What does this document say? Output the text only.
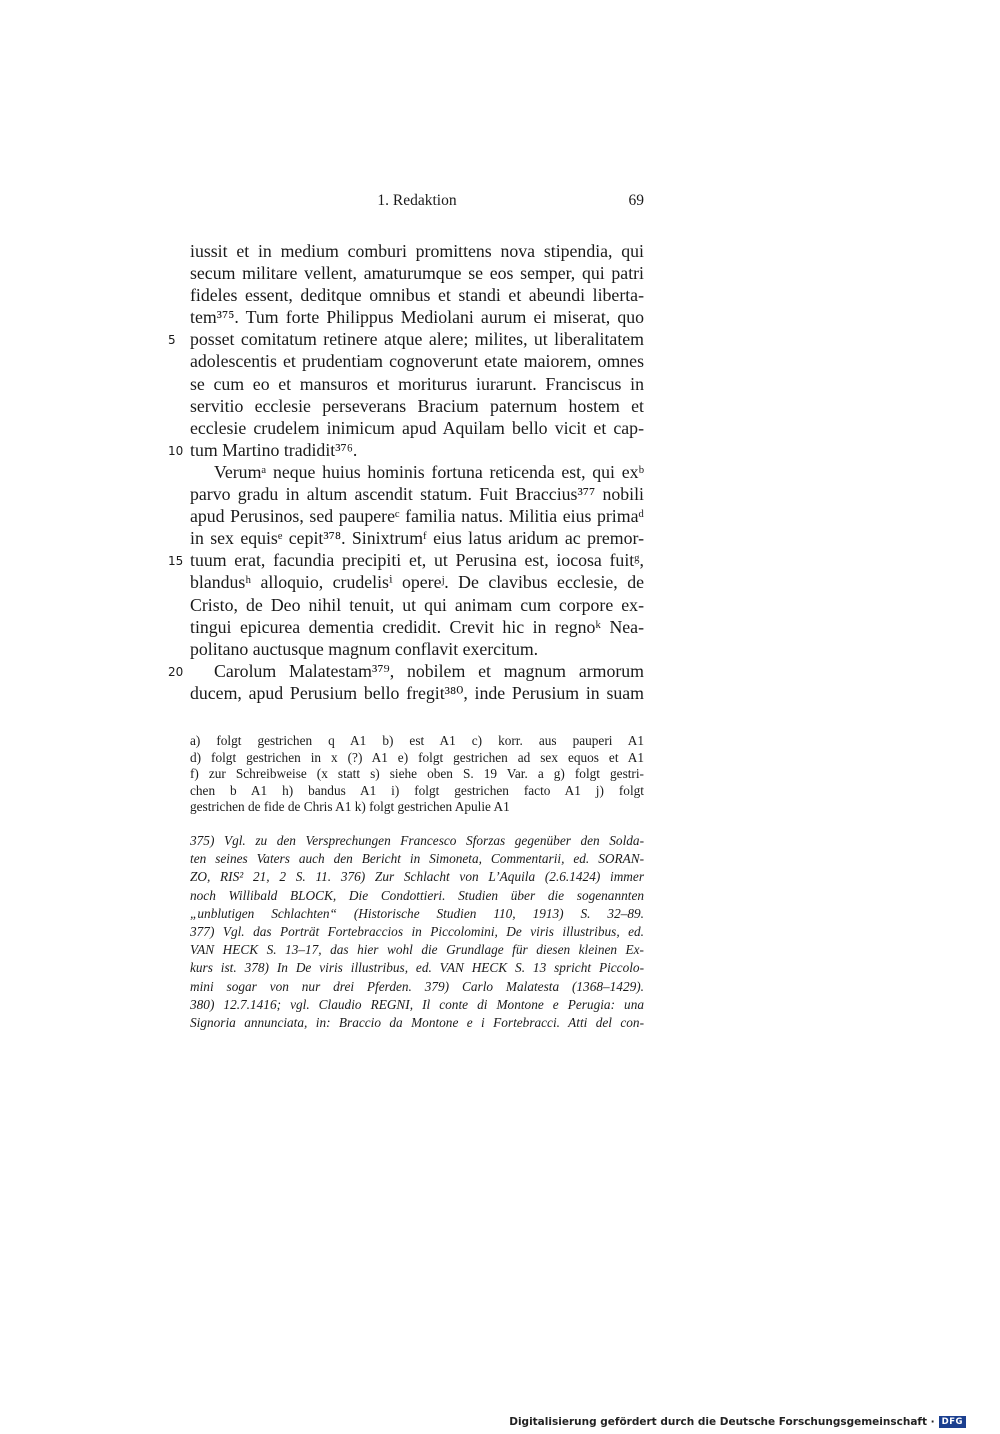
1. Redaktion	69
iussit et in medium comburi promittens nova stipendia, qui
secum militare vellent, amaturumque se eos semper, qui patri
fideles essent, deditque omnibus et standi et abeundi liberta-
tem³⁷⁵. Tum forte Philippus Mediolani aurum ei miserat, quo
5 posset comitatum retinere atque alere; milites, ut liberalitatem
adolescentis et prudentiam cognoverunt etate maiorem, omnes
se cum eo et mansuros et moriturus iurarunt. Franciscus in
servitio ecclesie perseverans Bracium paternum hostem et
ecclesie crudelem inimicum apud Aquilam bello vicit et cap-
10 tum Martino tradidit³⁷⁶.
Verumᵃ neque huius hominis fortuna reticenda est, qui exᵇ
parvo gradu in altum ascendit statum. Fuit Braccius³⁷⁷ nobili
apud Perusinos, sed paupereᶜ familia natus. Militia eius primaᵈ
in sex equisᵉ cepit³⁷⁸. Sinixtrumᶠ eius latus aridum ac premor-
15 tuum erat, facundia precipiti et, ut Perusina est, iocosa fuitᵍ,
blandusʰ alloquio, crudelisⁱ opereʲ. De clavibus ecclesie, de
Cristo, de Deo nihil tenuit, ut qui animam cum corpore ex-
tingui epicurea dementia credidit. Crevit hic in regnoᵏ Nea-
politano auctusque magnum conflavit exercitum.
20 Carolum Malatestam³⁷⁹, nobilem et magnum armorum
ducem, apud Perusium bello fregit³⁸⁰, inde Perusium in suam
a) folgt gestrichen q A1 b) est A1 c) korr. aus pauperi A1
d) folgt gestrichen in x (?) A1 e) folgt gestrichen ad sex equos et A1
f) zur Schreibweise (x statt s) siehe oben S. 19 Var. a g) folgt gestri-
chen b A1 h) bandus A1 i) folgt gestrichen facto A1 j) folgt
gestrichen de fide de Chris A1 k) folgt gestrichen Apulie A1
375) Vgl. zu den Versprechungen Francesco Sforzas gegenüber den Solda-
ten seines Vaters auch den Bericht in Simoneta, Commentarii, ed. SORAN-
ZO, RIS² 21, 2 S. 11. 376) Zur Schlacht von L’Aquila (2.6.1424) immer
noch Willibald BLOCK, Die Condottieri. Studien über die sogenannten
„unblutigen Schlachten“ (Historische Studien 110, 1913) S. 32–89.
377) Vgl. das Porträt Fortebraccios in Piccolomini, De viris illustribus, ed.
VAN HECK S. 13–17, das hier wohl die Grundlage für diesen kleinen Ex-
kurs ist. 378) In De viris illustribus, ed. VAN HECK S. 13 spricht Piccolo-
mini sogar von nur drei Pferden. 379) Carlo Malatesta (1368–1429).
380) 12.7.1416; vgl. Claudio REGNI, Il conte di Montone e Perugia: una
Signoria annunciata, in: Braccio da Montone e i Fortebracci. Atti del con-
Digitalisierung gefördert durch die Deutsche Forschungsgemeinschaft · DFG
